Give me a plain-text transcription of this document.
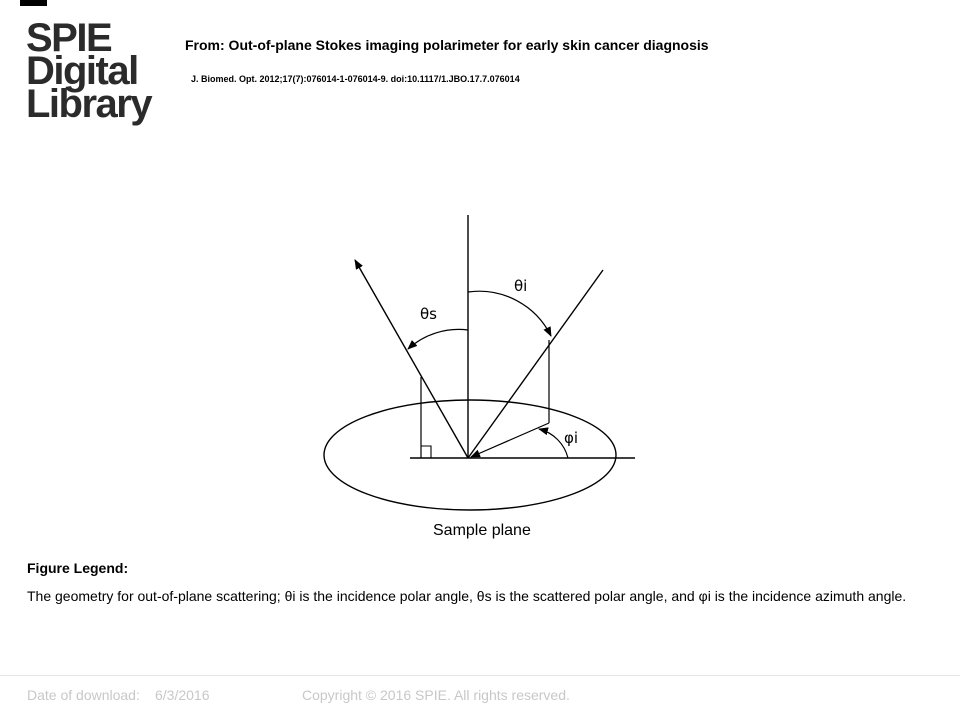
SPIE
Digital
Library
From: Out-of-plane Stokes imaging polarimeter for early skin cancer diagnosis
J. Biomed. Opt. 2012;17(7):076014-1-076014-9. doi:10.1117/1.JBO.17.7.076014
θi
θs
φi
Sample plane
Figure Legend:
The geometry for out-of-plane scattering; θi is the incidence polar angle, θs is the scattered polar angle, and φi is the incidence azimuth angle.
Date of download: 6/3/2016	Copyright © 2016 SPIE. All rights reserved.
